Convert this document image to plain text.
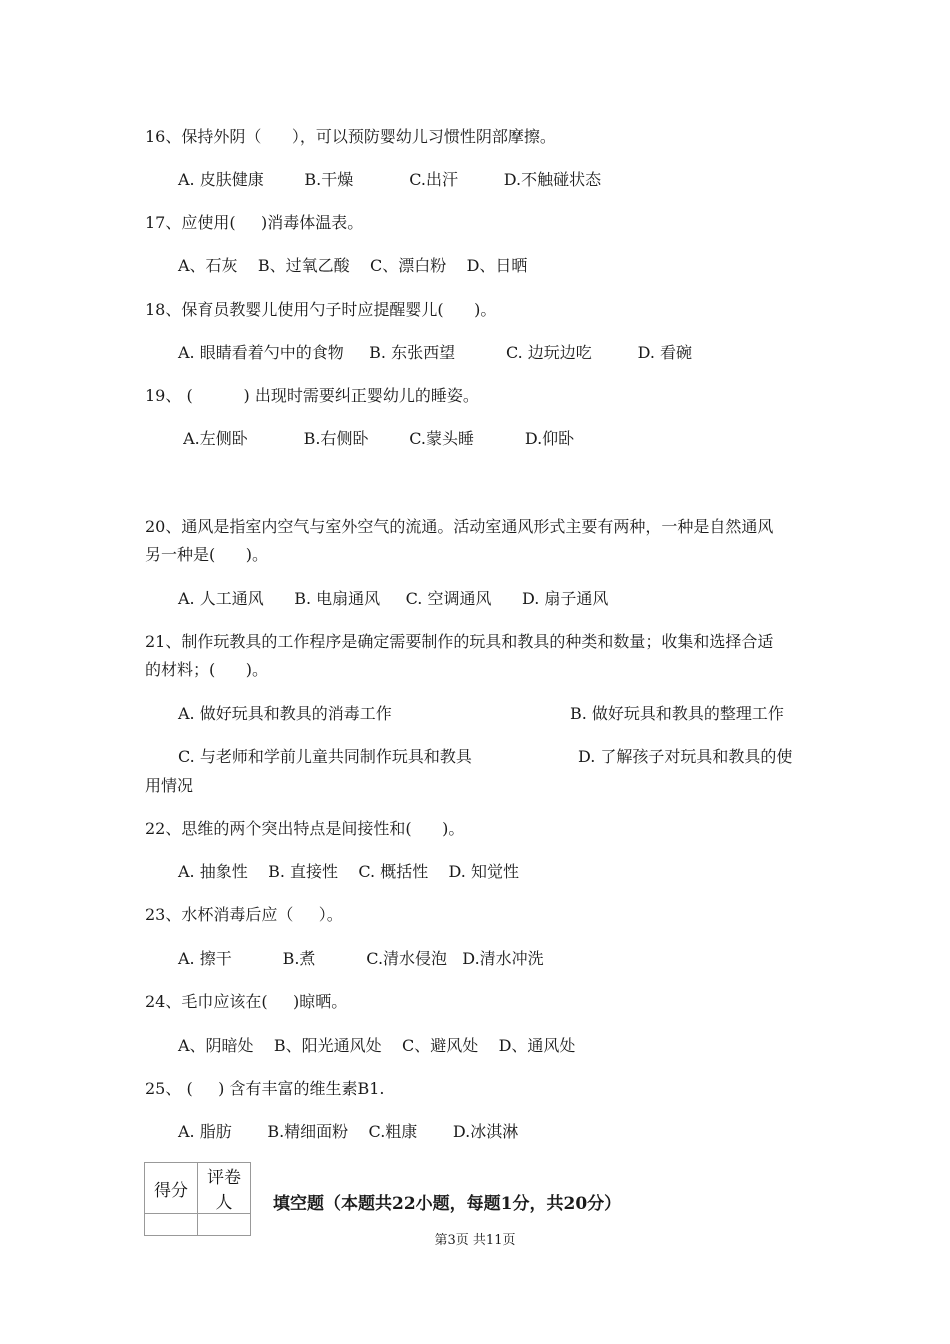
16、保持外阴（      ），可以预防婴幼儿习惯性阴部摩擦。
A. 皮肤健康        B.干燥           C.出汗         D.不触碰状态
17、应使用(     )消毒体温表。
A、石灰    B、过氧乙酸    C、漂白粉    D、日晒
18、保育员教婴儿使用勺子时应提醒婴儿(      )。
A. 眼睛看着勺中的食物     B. 东张西望          C. 边玩边吃         D. 看碗
19、 (          ) 出现时需要纠正婴幼儿的睡姿。
A.左侧卧           B.右侧卧        C.蒙头睡          D.仰卧
20、通风是指室内空气与室外空气的流通。活动室通风形式主要有两种，一种是自然通风
另一种是(      )。
A. 人工通风      B. 电扇通风     C. 空调通风      D. 扇子通风
21、制作玩教具的工作程序是确定需要制作的玩具和教具的种类和数量；收集和选择合适
的材料；(      )。
A. 做好玩具和教具的消毒工作	B. 做好玩具和教具的整理工作
C. 与老师和学前儿童共同制作玩具和教具	D. 了解孩子对玩具和教具的使
用情况
22、思维的两个突出特点是间接性和(      )。
A. 抽象性    B. 直接性    C. 概括性    D. 知觉性
23、水杯消毒后应（     ）。
A. 擦干          B.煮          C.清水侵泡   D.清水冲洗
24、毛巾应该在(     )晾晒。
A、阴暗处    B、阳光通风处    C、避风处    D、通风处
25、 (     ) 含有丰富的维生素B1.
A. 脂肪       B.精细面粉    C.粗康       D.冰淇淋
得分	评卷人
	填空题（本题共22小题，每题1分，共20分）
第3页 共11页
